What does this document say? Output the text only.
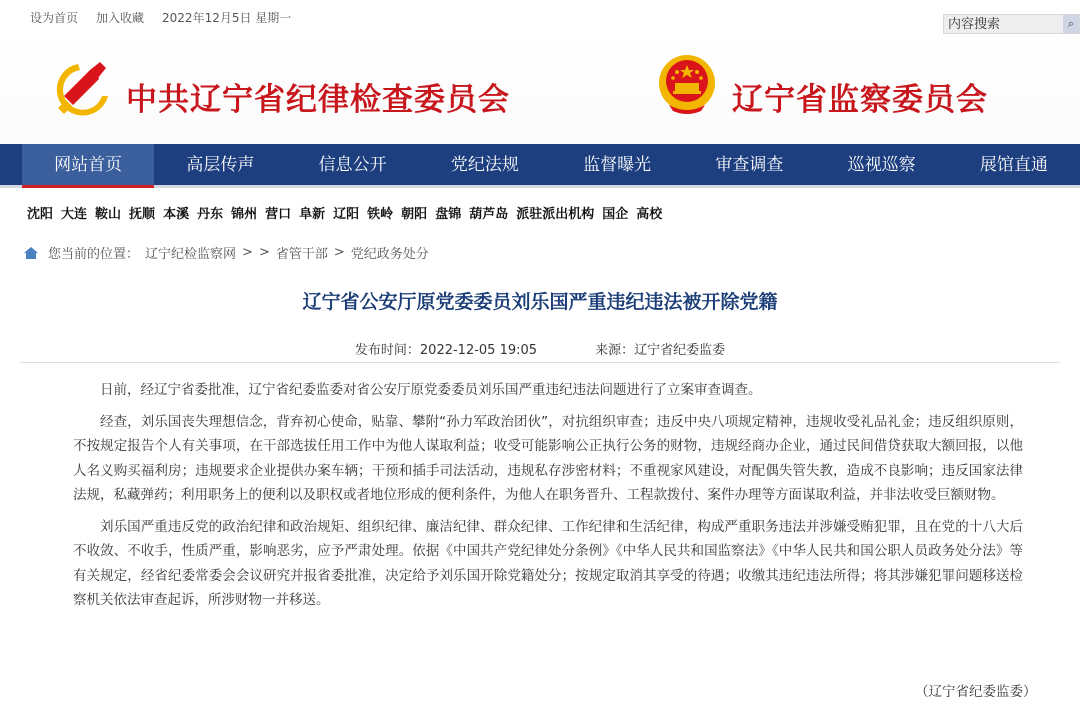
设为首页 加入收藏 2022年12月5日 星期一
内容搜索	⌕
中共辽宁省纪律检查委员会	辽宁省监察委员会
网站首页	高层传声	信息公开	党纪法规	监督曝光	审查调查	巡视巡察	展馆直通
沈阳 大连 鞍山 抚顺 本溪 丹东 锦州 营口 阜新 辽阳 铁岭 朝阳 盘锦 葫芦岛 派驻派出机构 国企 高校
您当前的位置： 辽宁纪检监察网 > > 省管干部 > 党纪政务处分
辽宁省公安厅原党委委员刘乐国严重违纪违法被开除党籍
发布时间：2022-12-05 19:05	来源：辽宁省纪委监委

日前，经辽宁省委批准，辽宁省纪委监委对省公安厅原党委委员刘乐国严重违纪违法问题进行了立案审查调查。

经查，刘乐国丧失理想信念，背弃初心使命，贴靠、攀附“孙力军政治团伙”，对抗组织审查；违反中央八项规定精神，违规收受礼品礼金；违反组织原则，不按规定报告个人有关事项，在干部选拔任用工作中为他人谋取利益；收受可能影响公正执行公务的财物，违规经商办企业，通过民间借贷获取大额回报，以他人名义购买福利房；违规要求企业提供办案车辆；干预和插手司法活动，违规私存涉密材料；不重视家风建设，对配偶失管失教，造成不良影响；违反国家法律法规，私藏弹药；利用职务上的便利以及职权或者地位形成的便利条件，为他人在职务晋升、工程款拨付、案件办理等方面谋取利益，并非法收受巨额财物。

刘乐国严重违反党的政治纪律和政治规矩、组织纪律、廉洁纪律、群众纪律、工作纪律和生活纪律，构成严重职务违法并涉嫌受贿犯罪，且在党的十八大后不收敛、不收手，性质严重，影响恶劣，应予严肃处理。依据《中国共产党纪律处分条例》《中华人民共和国监察法》《中华人民共和国公职人员政务处分法》等有关规定，经省纪委常委会会议研究并报省委批准，决定给予刘乐国开除党籍处分；按规定取消其享受的待遇；收缴其违纪违法所得；将其涉嫌犯罪问题移送检察机关依法审查起诉，所涉财物一并移送。

（辽宁省纪委监委）
